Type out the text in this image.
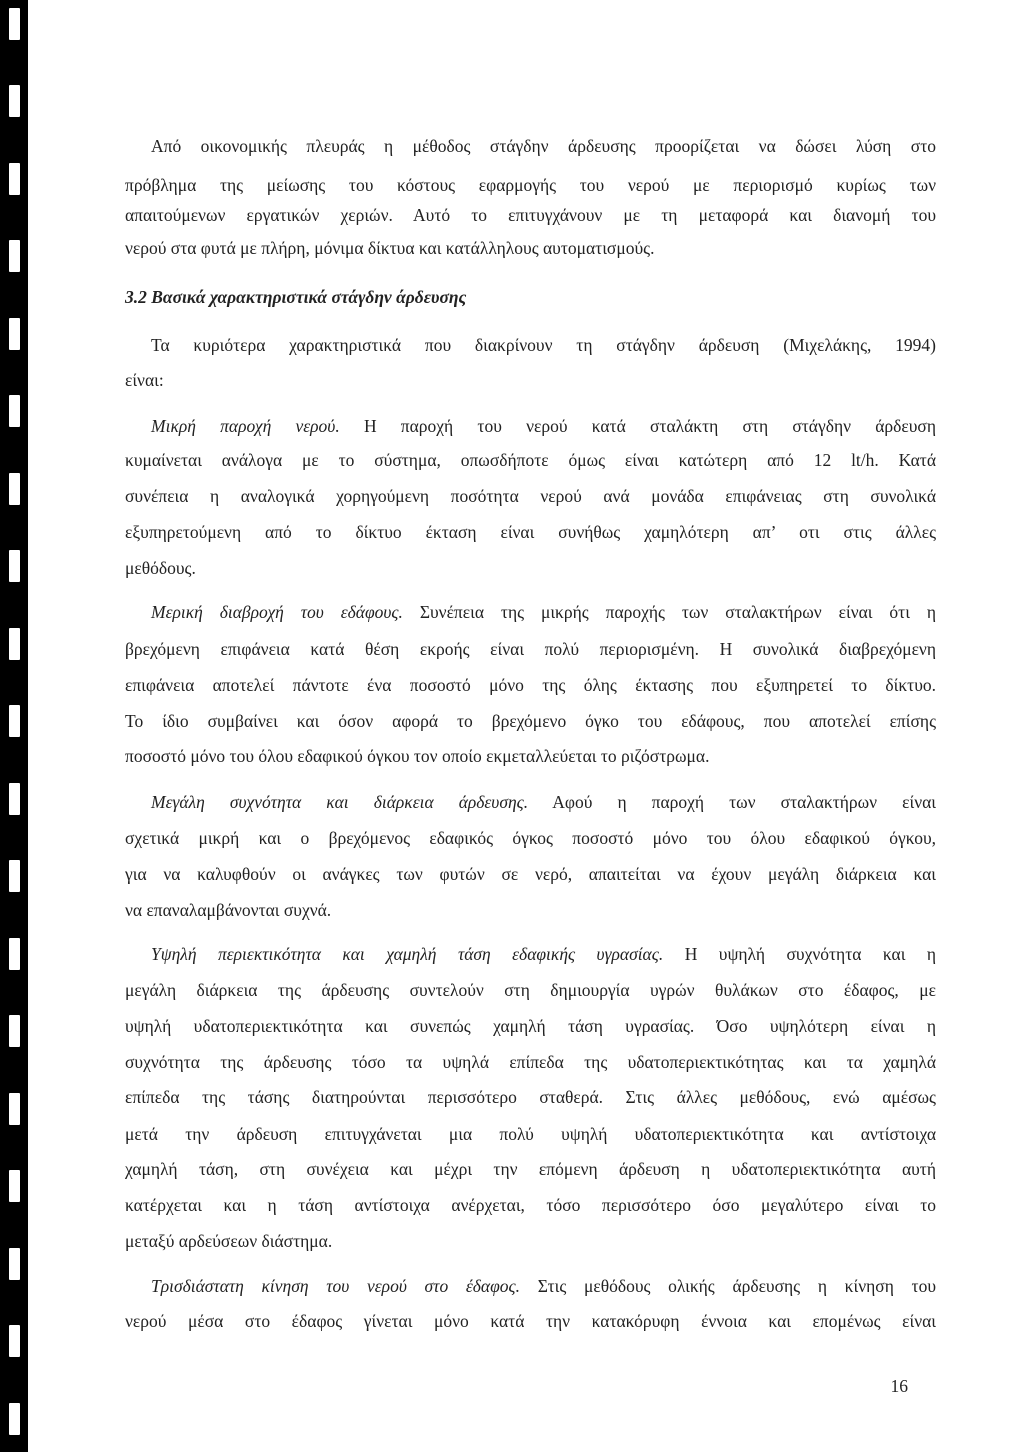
Από οικονομικής πλευράς η μέθοδος στάγδην άρδευσης προορίζεται να δώσει λύση στο
πρόβλημα της μείωσης του κόστους εφαρμογής του νερού με περιορισμό κυρίως των
απαιτούμενων εργατικών χεριών. Αυτό το επιτυγχάνουν με τη μεταφορά και διανομή του
νερού στα φυτά με πλήρη, μόνιμα δίκτυα και κατάλληλους αυτοματισμούς.
3.2 Βασικά χαρακτηριστικά στάγδην άρδευσης
Τα κυριότερα χαρακτηριστικά που διακρίνουν τη στάγδην άρδευση (Μιχελάκης, 1994)
είναι:
Μικρή παροχή νερού. Η παροχή του νερού κατά σταλάκτη στη στάγδην άρδευση
κυμαίνεται ανάλογα με το σύστημα, οπωσδήποτε όμως είναι κατώτερη από 12 lt/h. Κατά
συνέπεια η αναλογικά χορηγούμενη ποσότητα νερού ανά μονάδα επιφάνειας στη συνολικά
εξυπηρετούμενη από το δίκτυο έκταση είναι συνήθως χαμηλότερη απ’ οτι στις άλλες
μεθόδους.
Μερική διαβροχή του εδάφους. Συνέπεια της μικρής παροχής των σταλακτήρων είναι ότι η
βρεχόμενη επιφάνεια κατά θέση εκροής είναι πολύ περιορισμένη. Η συνολικά διαβρεχόμενη
επιφάνεια αποτελεί πάντοτε ένα ποσοστό μόνο της όλης έκτασης που εξυπηρετεί το δίκτυο.
Το ίδιο συμβαίνει και όσον αφορά το βρεχόμενο όγκο του εδάφους, που αποτελεί επίσης
ποσοστό μόνο του όλου εδαφικού όγκου τον οποίο εκμεταλλεύεται το ριζόστρωμα.
Μεγάλη συχνότητα και διάρκεια άρδευσης. Αφού η παροχή των σταλακτήρων είναι
σχετικά μικρή και ο βρεχόμενος εδαφικός όγκος ποσοστό μόνο του όλου εδαφικού όγκου,
για να καλυφθούν οι ανάγκες των φυτών σε νερό, απαιτείται να έχουν μεγάλη διάρκεια και
να επαναλαμβάνονται συχνά.
Υψηλή περιεκτικότητα και χαμηλή τάση εδαφικής υγρασίας. Η υψηλή συχνότητα και η
μεγάλη διάρκεια της άρδευσης συντελούν στη δημιουργία υγρών θυλάκων στο έδαφος, με
υψηλή υδατοπεριεκτικότητα και συνεπώς χαμηλή τάση υγρασίας. Όσο υψηλότερη είναι η
συχνότητα της άρδευσης τόσο τα υψηλά επίπεδα της υδατοπεριεκτικότητας και τα χαμηλά
επίπεδα της τάσης διατηρούνται περισσότερο σταθερά. Στις άλλες μεθόδους, ενώ αμέσως
μετά την άρδευση επιτυγχάνεται μια πολύ υψηλή υδατοπεριεκτικότητα και αντίστοιχα
χαμηλή τάση, στη συνέχεια και μέχρι την επόμενη άρδευση η υδατοπεριεκτικότητα αυτή
κατέρχεται και η τάση αντίστοιχα ανέρχεται, τόσο περισσότερο όσο μεγαλύτερο είναι το
μεταξύ αρδεύσεων διάστημα.
Τρισδιάστατη κίνηση του νερού στο έδαφος. Στις μεθόδους ολικής άρδευσης η κίνηση του
νερού μέσα στο έδαφος γίνεται μόνο κατά την κατακόρυφη έννοια και επομένως είναι
16
